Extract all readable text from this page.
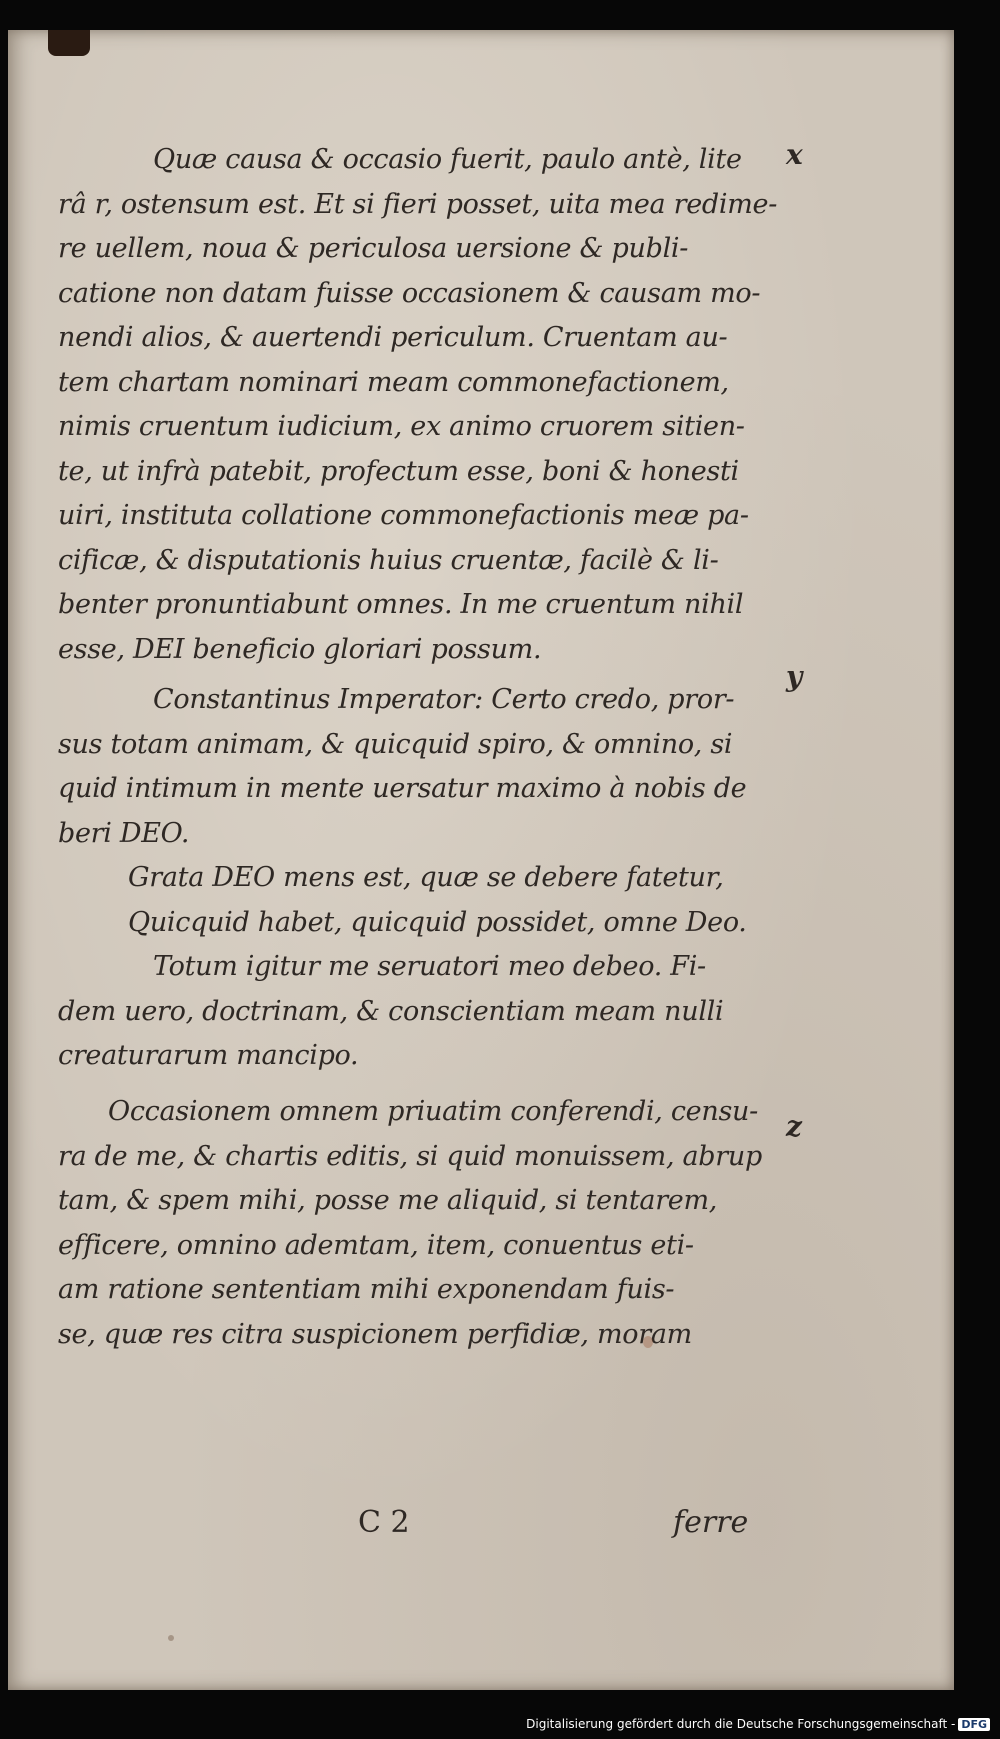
Quæ causa & occasio fuerit, paulo antè, lite
râ r, ostensum est. Et si fieri posset, uita mea redime-
re uellem, noua & periculosa uersione & publi-
catione non datam fuisse occasionem & causam mo-
nendi alios, & auertendi periculum. Cruentam au-
tem chartam nominari meam commonefactionem,
nimis cruentum iudicium, ex animo cruorem sitien-
te, ut infrà patebit, profectum esse, boni & honesti
uiri, instituta collatione commonefactionis meæ pa-
cificæ, & disputationis huius cruentæ, facilè & li-
benter pronuntiabunt omnes. In me cruentum nihil
esse, DEI beneficio gloriari possum.
x
Constantinus Imperator: Certo credo, pror-
sus totam animam, & quicquid spiro, & omnino, si
quid intimum in mente uersatur maximo à nobis de
beri DEO.
y
Grata DEO mens est, quæ se debere fatetur,
Quicquid habet, quicquid possidet, omne Deo.
Totum igitur me seruatori meo debeo. Fi-
dem uero, doctrinam, & conscientiam meam nulli
creaturarum mancipo.
Occasionem omnem priuatim conferendi, censu-
ra de me, & chartis editis, si quid monuissem, abrup
tam, & spem mihi, posse me aliquid, si tentarem,
efficere, omnino ademtam, item, conuentus eti-
am ratione sententiam mihi exponendam fuis-
se, quæ res citra suspicionem perfidiæ, moram
z
C 2	ferre
Digitalisierung gefördert durch die Deutsche Forschungsgemeinschaft - DFG
